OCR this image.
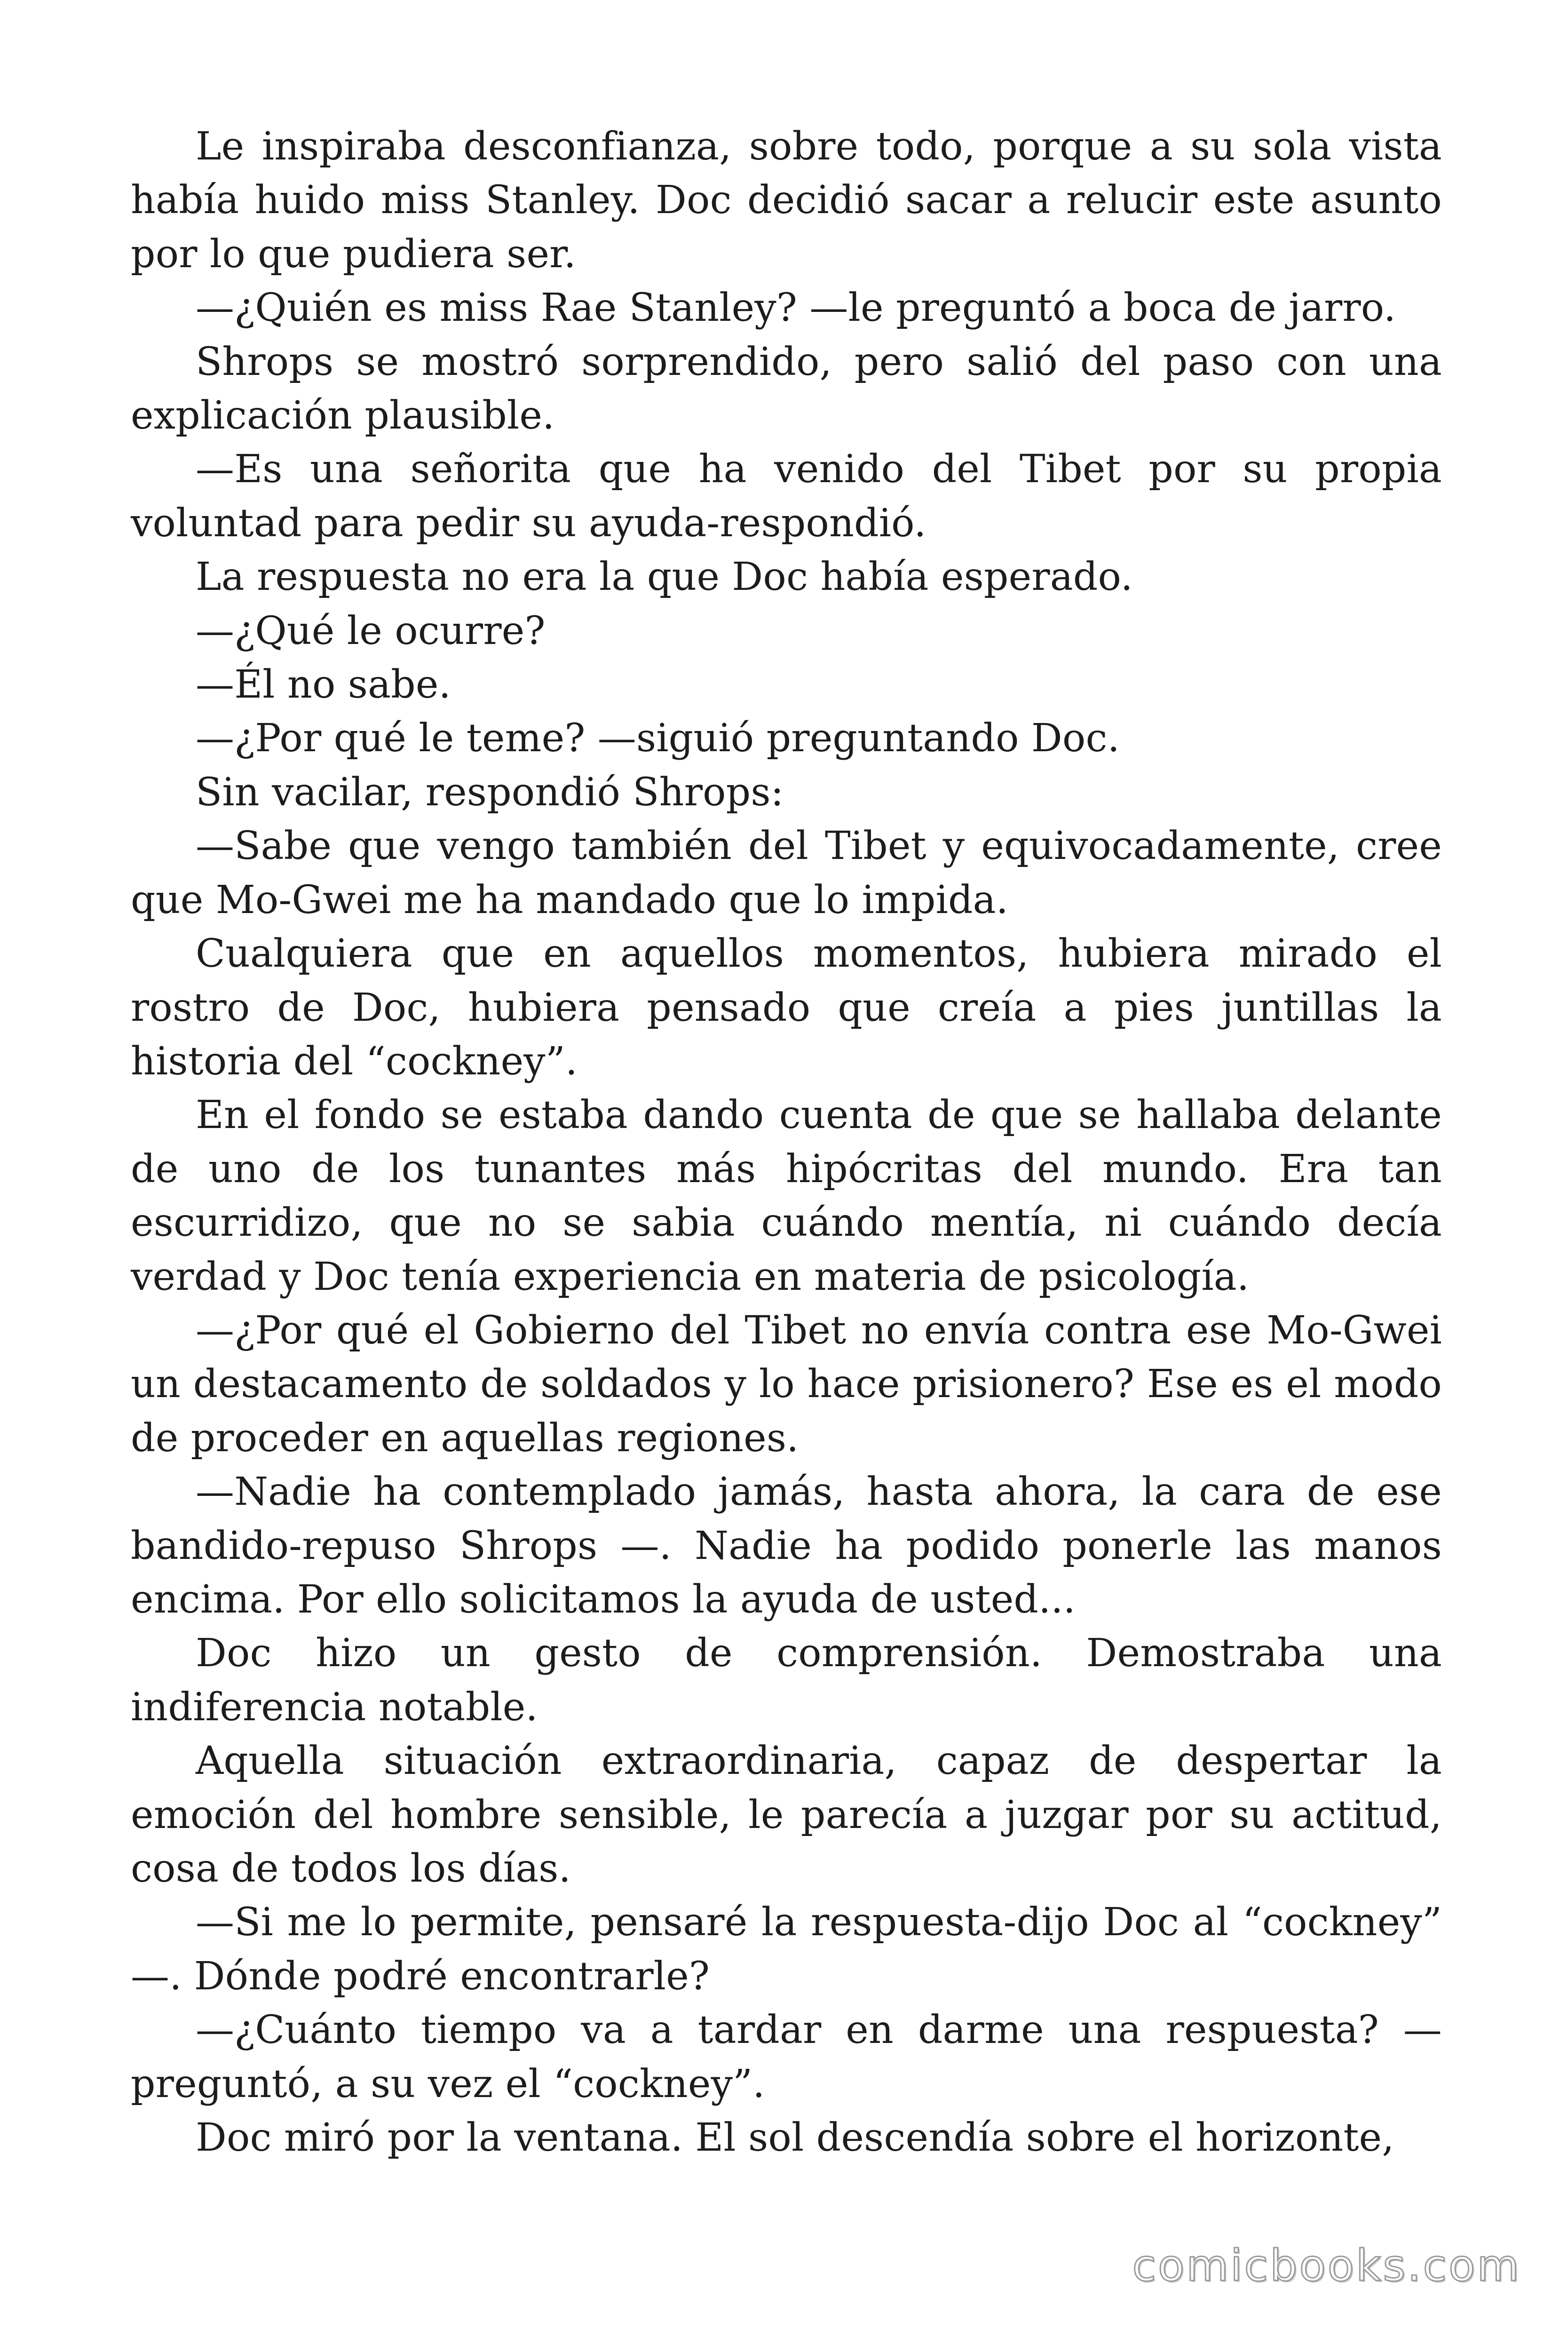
Le inspiraba desconfianza, sobre todo, porque a su sola vista había huido miss Stanley. Doc decidió sacar a relucir este asunto por lo que pudiera ser.

—¿Quién es miss Rae Stanley? —le preguntó a boca de jarro.

Shrops se mostró sorprendido, pero salió del paso con una explicación plausible.

—Es una señorita que ha venido del Tibet por su propia voluntad para pedir su ayuda-respondió.

La respuesta no era la que Doc había esperado.

—¿Qué le ocurre?

—Él no sabe.

—¿Por qué le teme? —siguió preguntando Doc.

Sin vacilar, respondió Shrops:

—Sabe que vengo también del Tibet y equivocadamente, cree que Mo-Gwei me ha mandado que lo impida.

Cualquiera que en aquellos momentos, hubiera mirado el rostro de Doc, hubiera pensado que creía a pies juntillas la historia del “cockney”.

En el fondo se estaba dando cuenta de que se hallaba delante de uno de los tunantes más hipócritas del mundo. Era tan escurridizo, que no se sabia cuándo mentía, ni cuándo decía verdad y Doc tenía experiencia en materia de psicología.

—¿Por qué el Gobierno del Tibet no envía contra ese Mo-Gwei un destacamento de soldados y lo hace prisionero? Ese es el modo de proceder en aquellas regiones.

—Nadie ha contemplado jamás, hasta ahora, la cara de ese bandido-repuso Shrops —. Nadie ha podido ponerle las manos encima. Por ello solicitamos la ayuda de usted...

Doc hizo un gesto de comprensión. Demostraba una indiferencia notable.

Aquella situación extraordinaria, capaz de despertar la emoción del hombre sensible, le parecía a juzgar por su actitud, cosa de todos los días.

—Si me lo permite, pensaré la respuesta-dijo Doc al “cockney” —. Dónde podré encontrarle?

—¿Cuánto tiempo va a tardar en darme una respuesta? —preguntó, a su vez el “cockney”.

Doc miró por la ventana. El sol descendía sobre el horizonte,

comicbooks.com
